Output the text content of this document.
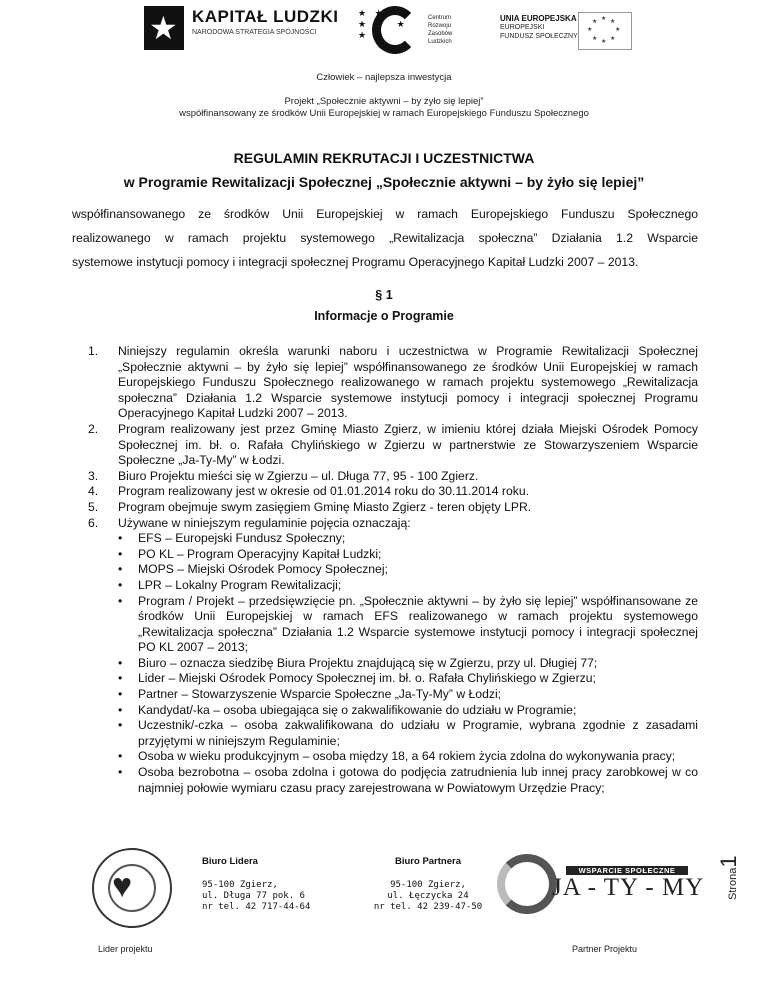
★
KAPITAŁ LUDZKI
NARODOWA STRATEGIA SPÓJNOŚCI
★ ★
★     ★
★ ★
Centrum
Rozwoju
Zasobów
Ludzkich
UNIA EUROPEJSKA
EUROPEJSKI
FUNDUSZ SPOŁECZNY
★ ★
★
★
★
★
★
★
Człowiek – najlepsza inwestycja
Projekt „Społecznie aktywni – by żyło się lepiej”
współfinansowany ze środków Unii Europejskiej w ramach Europejskiego Funduszu Społecznego
REGULAMIN REKRUTACJI I UCZESTNICTWA
w Programie Rewitalizacji Społecznej „Społecznie aktywni – by żyło się lepiej”
współfinansowanego ze środków Unii Europejskiej w ramach Europejskiego Funduszu Społecznego
realizowanego w ramach projektu systemowego „Rewitalizacja społeczna” Działania 1.2 Wsparcie
systemowe instytucji pomocy i integracji społecznej Programu Operacyjnego Kapitał Ludzki 2007 – 2013.
§ 1
Informacje o Programie
1.	Niniejszy regulamin określa warunki naboru i uczestnictwa w Programie Rewitalizacji Społecznej „Społecznie aktywni – by żyło się lepiej” współfinansowanego ze środków Unii Europejskiej w ramach Europejskiego Funduszu Społecznego realizowanego w ramach projektu systemowego „Rewitalizacja społeczna” Działania 1.2 Wsparcie systemowe instytucji pomocy i integracji społecznej Programu Operacyjnego Kapitał Ludzki 2007 – 2013.
2.	Program realizowany jest przez Gminę Miasto Zgierz, w imieniu której działa Miejski Ośrodek Pomocy Społecznej im. bł. o. Rafała Chylińskiego w Zgierzu w partnerstwie ze Stowarzyszeniem Wsparcie Społeczne „Ja-Ty-My” w Łodzi.
3.	Biuro Projektu mieści się w Zgierzu – ul. Długa 77, 95 - 100 Zgierz.
4.	Program realizowany jest w okresie od 01.01.2014 roku do 30.11.2014 roku.
5.	Program obejmuje swym zasięgiem Gminę Miasto Zgierz - teren objęty LPR.
6.	Używane w niniejszym regulaminie pojęcia oznaczają:
• EFS – Europejski Fundusz Społeczny;
• PO KL – Program Operacyjny Kapitał Ludzki;
• MOPS – Miejski Ośrodek Pomocy Społecznej;
• LPR – Lokalny Program Rewitalizacji;
• Program / Projekt – przedsięwzięcie pn. „Społecznie aktywni – by żyło się lepiej” współfinansowane ze środków Unii Europejskiej w ramach EFS realizowanego w ramach projektu systemowego „Rewitalizacja społeczna” Działania 1.2 Wsparcie systemowe instytucji pomocy i integracji społecznej PO KL 2007 – 2013;
• Biuro – oznacza siedzibę Biura Projektu znajdującą się w Zgierzu, przy ul. Długiej 77;
• Lider – Miejski Ośrodek Pomocy Społecznej im. bł. o. Rafała Chylińskiego w Zgierzu;
• Partner – Stowarzyszenie Wsparcie Społeczne „Ja-Ty-My” w Łodzi;
• Kandydat/-ka – osoba ubiegająca się o zakwalifikowanie do udziału w Programie;
• Uczestnik/-czka – osoba zakwalifikowana do udziału w Programie, wybrana zgodnie z zasadami przyjętymi w niniejszym Regulaminie;
• Osoba w wieku produkcyjnym – osoba między 18, a 64 rokiem życia zdolna do wykonywania pracy;
• Osoba bezrobotna – osoba zdolna i gotowa do podjęcia zatrudnienia lub innej pracy zarobkowej w co najmniej połowie wymiaru czasu pracy zarejestrowana w Powiatowym Urzędzie Pracy;
Strona1
♥
Lider projektu
Biuro Lidera
95-100 Zgierz,
ul. Długa 77 pok. 6
nr tel. 42 717-44-64
Biuro Partnera
95-100 Zgierz,
ul. Łęczycka 24
nr tel. 42 239-47-50
WSPARCIE SPOŁECZNE
JA - TY - MY
Partner Projektu
